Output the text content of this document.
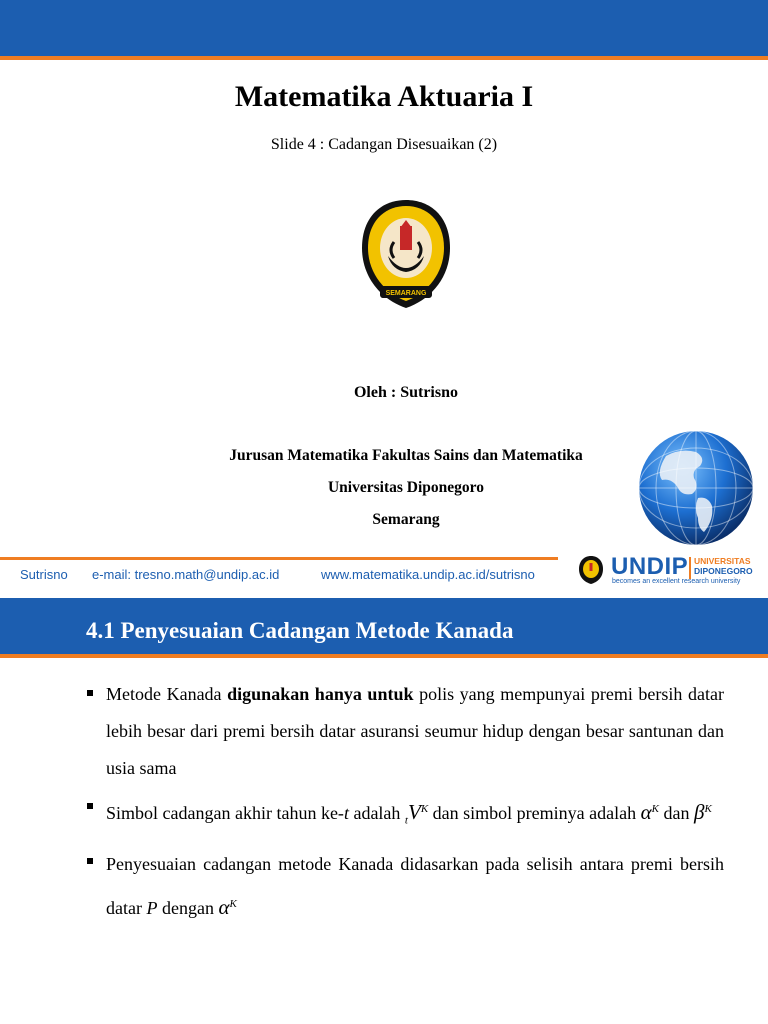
Matematika Aktuaria I
Slide 4 : Cadangan Disesuaikan (2)
SEMARANG
Oleh : Sutrisno
Jurusan Matematika Fakultas Sains dan Matematika
Universitas Diponegoro
Semarang
Sutrisno e-mail: tresno.math@undip.ac.id	www.matematika.undip.ac.id/sutrisno	UNDIP UNIVERSITAS
DIPONEGORO
becomes an excellent research university
4.1 Penyesuaian Cadangan Metode Kanada
Metode Kanada digunakan hanya untuk polis yang mempunyai premi bersih datar lebih besar dari premi bersih datar asuransi seumur hidup dengan besar santunan dan usia sama
Simbol cadangan akhir tahun ke-t adalah $_tV^K$ dan simbol preminya adalah $\alpha^K$ dan $\beta^K$
Penyesuaian cadangan metode Kanada didasarkan pada selisih antara premi bersih datar P dengan $\alpha^K$
